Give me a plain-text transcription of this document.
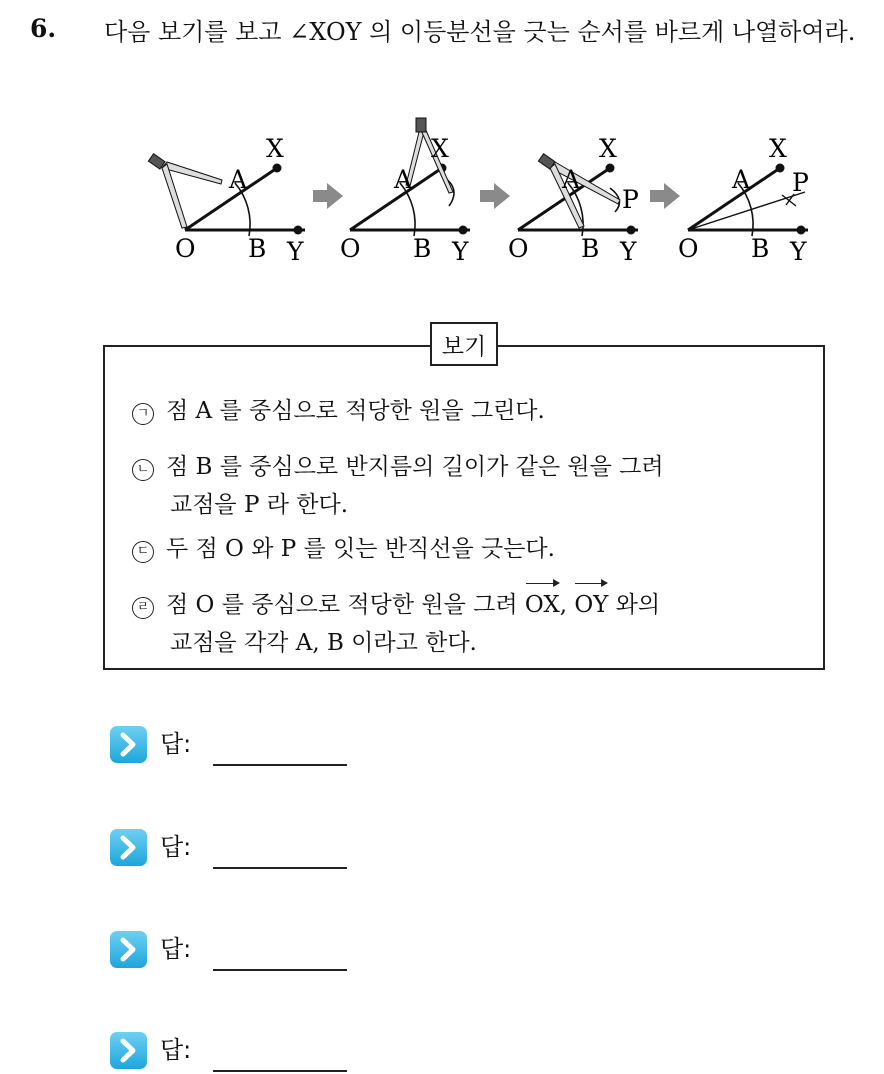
6. 다음 보기를 보고 ∠XOY 의 이등분선을 긋는 순서를 바르게 나열하여라.
O
A
B
X
Y O
A
B
X
Y O
A
B
X
Y
P
O
A
B
X
Y
P
보기
ㄱ 점 A 를 중심으로 적당한 원을 그린다.
ㄴ 점 B 를 중심으로 반지름의 길이가 같은 원을 그려
교점을 P 라 한다.
ㄷ 두 점 O 와 P 를 잇는 반직선을 긋는다.
ㄹ 점 O 를 중심으로 적당한 원을 그려 OX, OY 와의
교점을 각각 A, B 이라고 한다.
답:
답:
답:
답:
